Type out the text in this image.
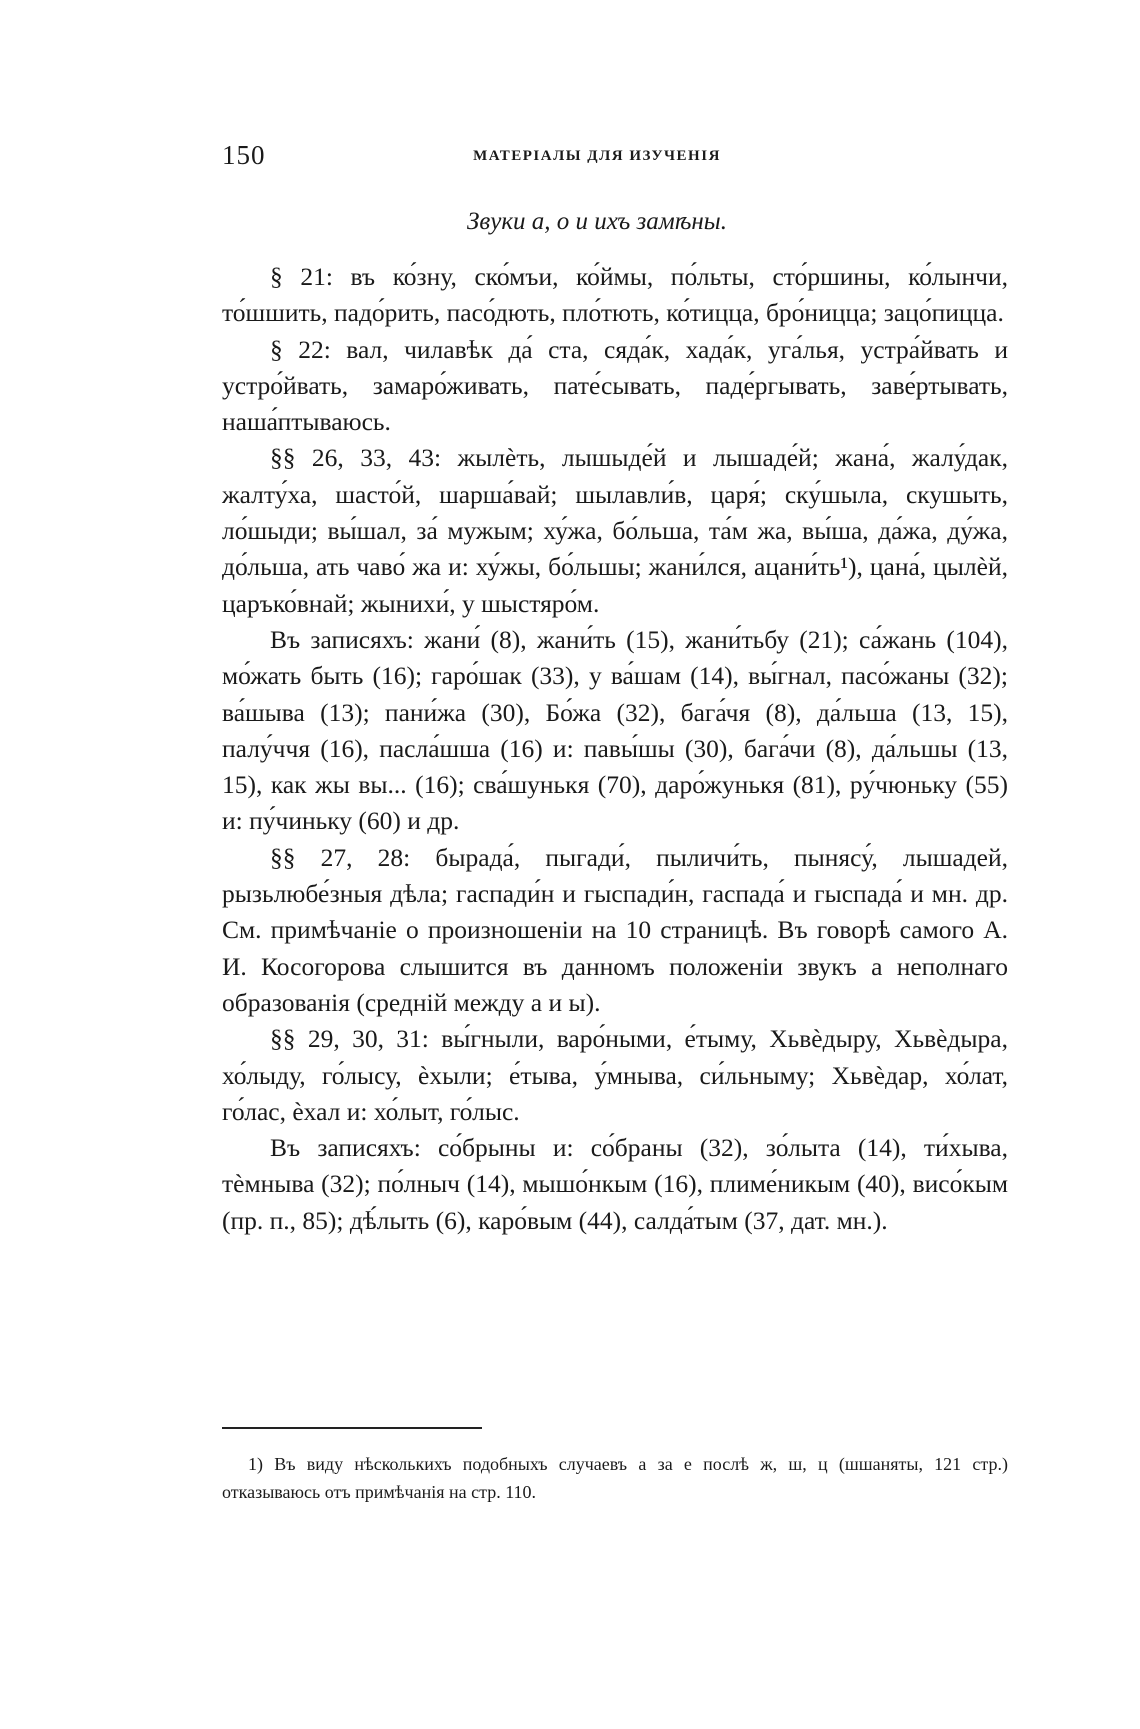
150	МАТЕРІАЛЫ ДЛЯ ИЗУЧЕНІЯ
Звуки а, о и ихъ замѣны.

§ 21: въ ко́зну, ско́мъи, ко́ймы, по́льты, сто́ршины, ко́лынчи, то́шшить, падо́рить, пасо́дють, пло́тють, ко́тицца, бро́ницца; зацо́пицца.

§ 22: вал, чилавѣк да́ ста, сяда́к, хада́к, уга́лья, устра́йвать и устро́йвать, замаро́живать, пате́сывать, паде́ргывать, заве́ртывать, наша́птываюсь.

§§ 26, 33, 43: жылѐть, лышыде́й и лышаде́й; жана́, жалу́дак, жалту́ха, шасто́й, шарша́вай; шылавли́в, царя́; ску́шыла, скушыть, ло́шыди; вы́шал, за́ мужым; ху́жа, бо́льша, та́м жа, вы́ша, да́жа, ду́жа, до́льша, ать чаво́ жа и: ху́жы, бо́льшы; жани́лся, ацани́ть¹), цана́, цылѐй, царъко́внай; жынихи́, у шыстяро́м.

Въ записяхъ: жани́ (8), жани́ть (15), жани́тьбу (21); са́жань (104), мо́жать быть (16); гаро́шак (33), у ва́шам (14), вы́гнал, пасо́жаны (32); ва́шыва (13); пани́жа (30), Бо́жа (32), бага́чя (8), да́льша (13, 15), палу́ччя (16), пасла́шша (16) и: павы́шы (30), бага́чи (8), да́льшы (13, 15), как жы вы... (16); сва́шунькя (70), даро́жунькя (81), ру́чюньку (55) и: пу́чиньку (60) и др.

§§ 27, 28: бырада́, пыгади́, пыличи́ть, пынясу́, лышадей, рызьлюбе́зныя дѣла; гаспади́н и гыспади́н, гаспада́ и гыспада́ и мн. др. См. примѣчаніе о произношеніи на 10 страницѣ. Въ говорѣ самого А. И. Косогорова слышится въ данномъ положеніи звукъ а неполнаго образованія (средній между а и ы).

§§ 29, 30, 31: вы́гныли, варо́ными, е́тыму, Хьвѐдыру, Хьвѐдыра, хо́лыду, го́лысу, ѐхыли; е́тыва, у́мныва, си́льныму; Хьвѐдар, хо́лат, го́лас, ѐхал и: хо́лыт, го́лыс.

Въ записяхъ: со́брыны и: со́браны (32), зо́лыта (14), ти́хыва, тѐмныва (32); по́лныч (14), мышо́нкым (16), плиме́никым (40), висо́кым (пр. п., 85); дѣ́лыть (6), каро́вым (44), салда́тым (37, дат. мн.).

1) Въ виду нѣсколькихъ подобныхъ случаевъ а за е послѣ ж, ш, ц (шшаняты, 121 стр.) отказываюсь отъ примѣчанія на стр. 110.
